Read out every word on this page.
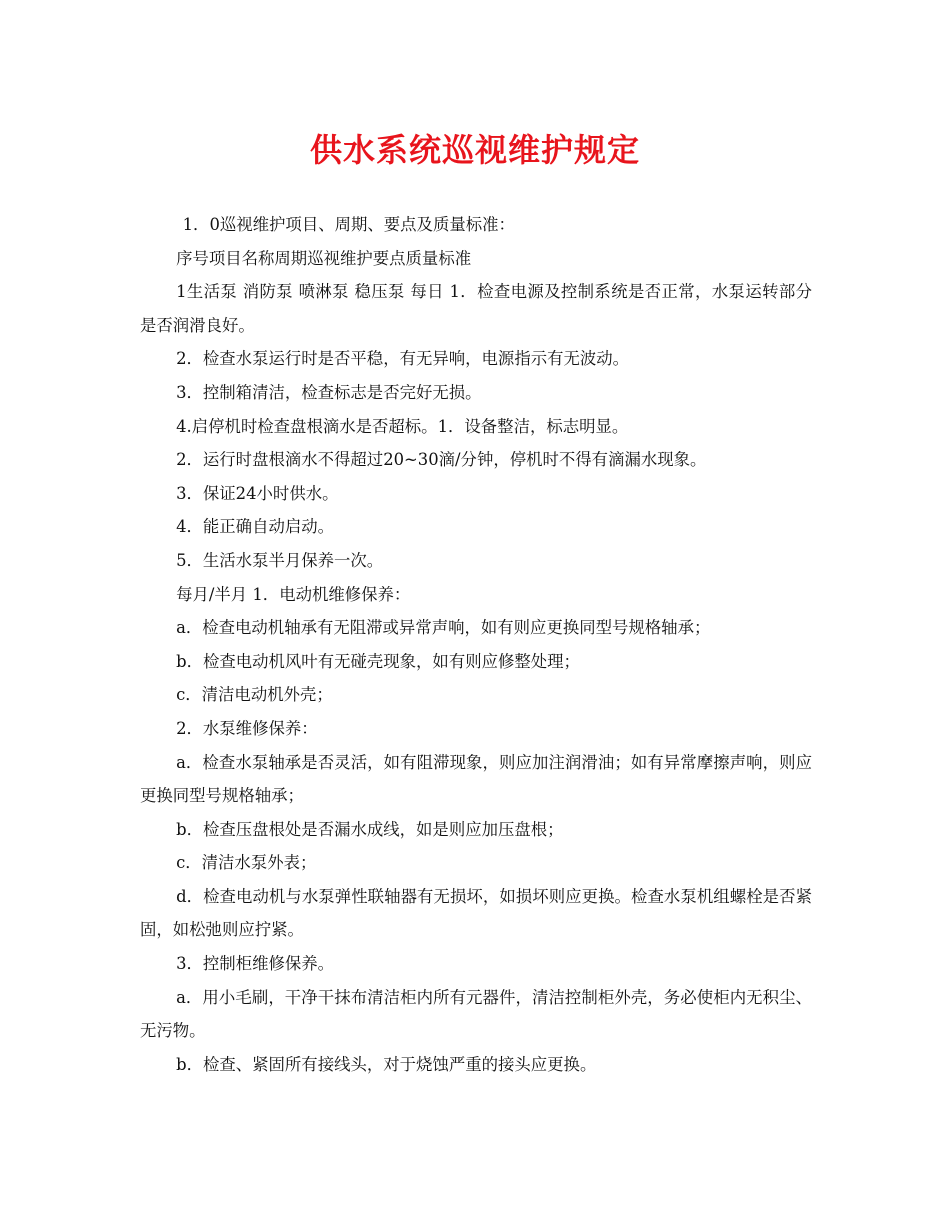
供水系统巡视维护规定

1．0巡视维护项目、周期、要点及质量标准：

序号项目名称周期巡视维护要点质量标准

1生活泵 消防泵 喷淋泵 稳压泵 每日 1．检查电源及控制系统是否正常，水泵运转部分是否润滑良好。

2．检查水泵运行时是否平稳，有无异响，电源指示有无波动。

3．控制箱清洁，检查标志是否完好无损。

4.启停机时检查盘根滴水是否超标。1．设备整洁，标志明显。

2．运行时盘根滴水不得超过20~30滴/分钟，停机时不得有滴漏水现象。

3．保证24小时供水。

4．能正确自动启动。

5．生活水泵半月保养一次。

每月/半月 1．电动机维修保养：

a．检查电动机轴承有无阻滞或异常声响，如有则应更换同型号规格轴承；

b．检查电动机风叶有无碰壳现象，如有则应修整处理；

c．清洁电动机外壳；

2．水泵维修保养：

a．检查水泵轴承是否灵活，如有阻滞现象，则应加注润滑油；如有异常摩擦声响，则应更换同型号规格轴承；

b．检查压盘根处是否漏水成线，如是则应加压盘根；

c．清洁水泵外表；

d．检查电动机与水泵弹性联轴器有无损坏，如损坏则应更换。检查水泵机组螺栓是否紧固，如松弛则应拧紧。

3．控制柜维修保养。

a．用小毛刷，干净干抹布清洁柜内所有元器件，清洁控制柜外壳，务必使柜内无积尘、无污物。

b．检查、紧固所有接线头，对于烧蚀严重的接头应更换。
